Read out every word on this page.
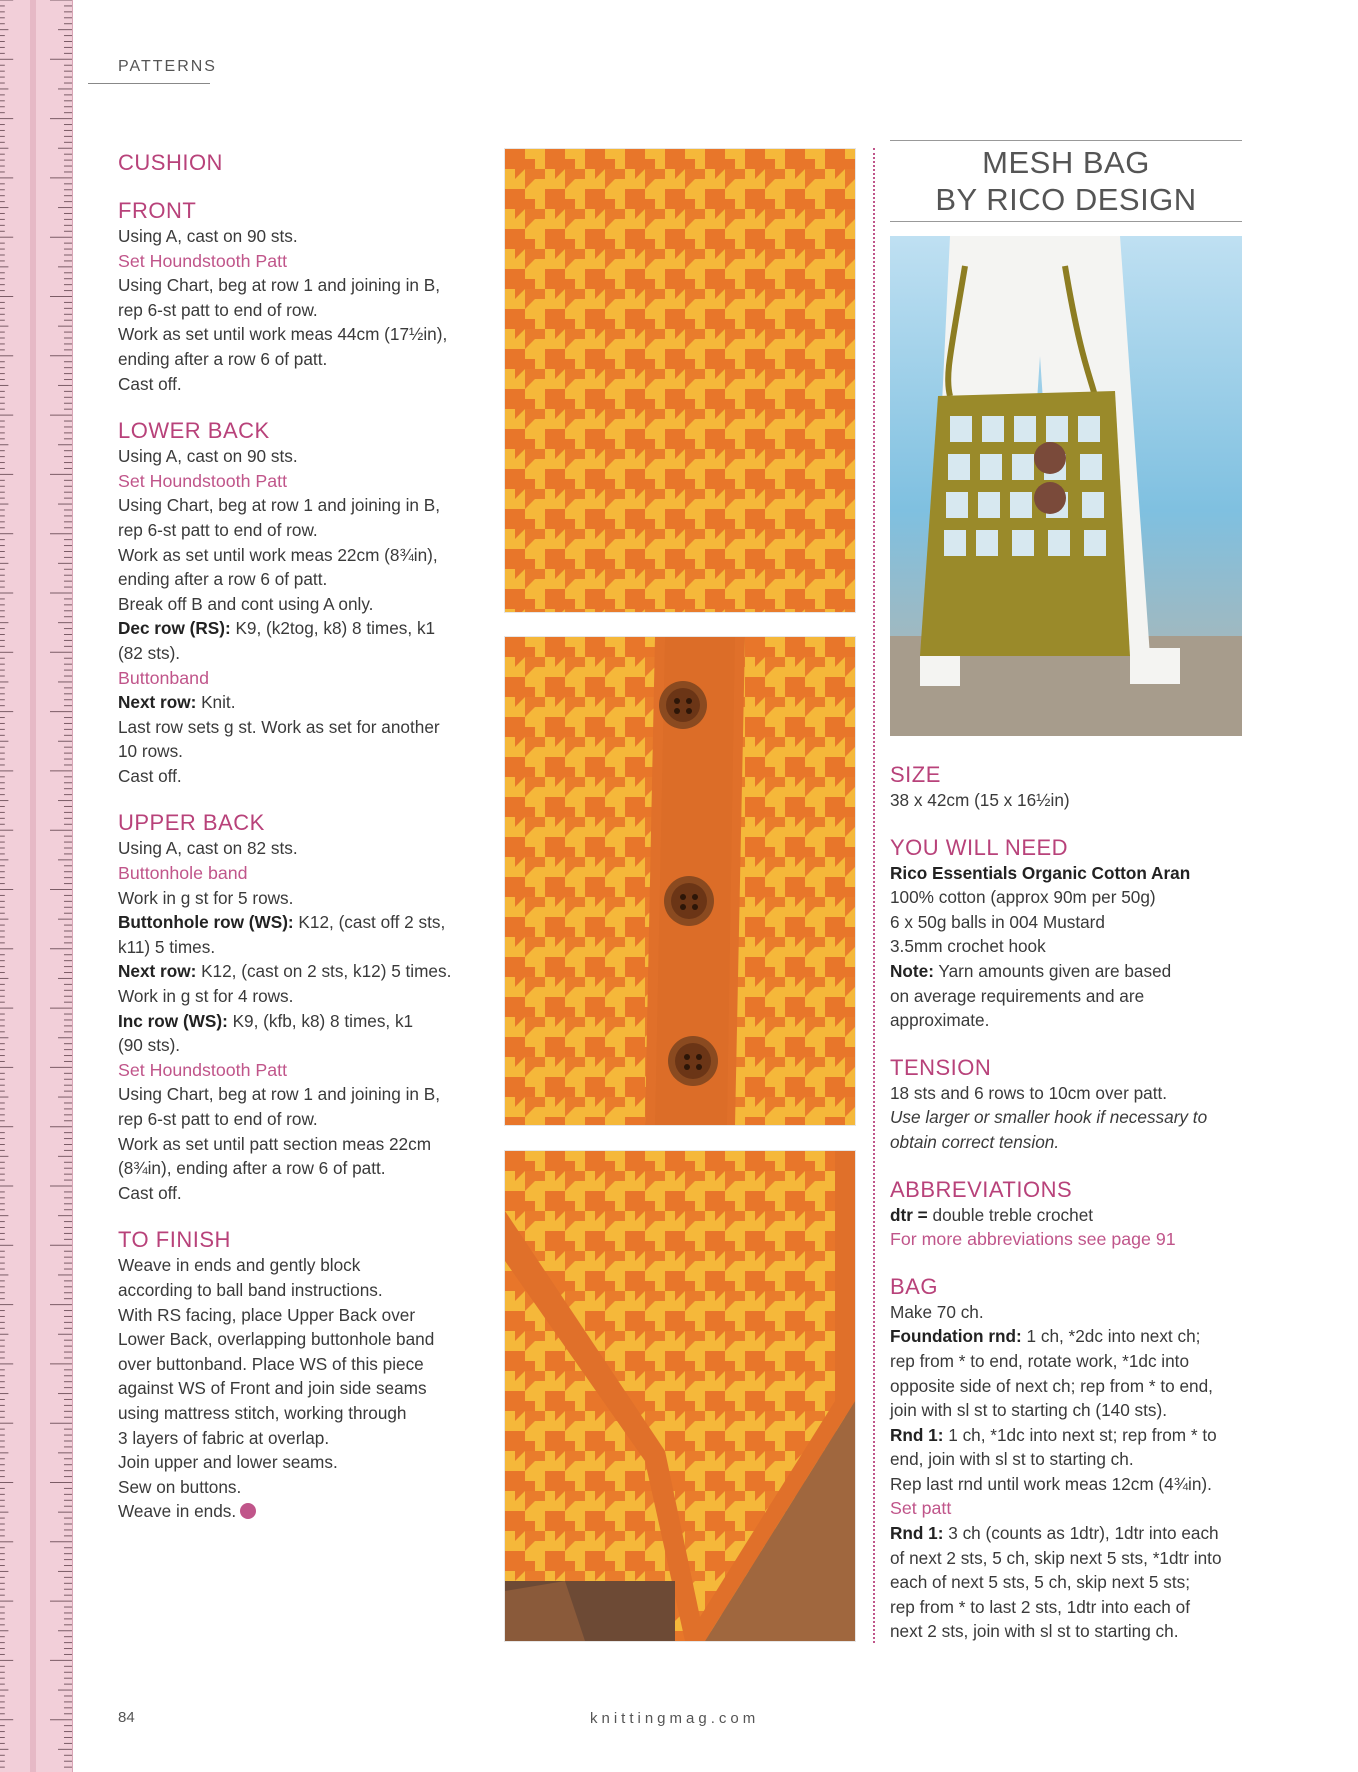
PATTERNS
CUSHION
FRONT

Using A, cast on 90 sts.

Set Houndstooth Patt

Using Chart, beg at row 1 and joining in B,

rep 6-st patt to end of row.

Work as set until work meas 44cm (17½in),

ending after a row 6 of patt.

Cast off.

LOWER BACK

Using A, cast on 90 sts.

Set Houndstooth Patt

Using Chart, beg at row 1 and joining in B,

rep 6-st patt to end of row.

Work as set until work meas 22cm (8¾in),

ending after a row 6 of patt.

Break off B and cont using A only.

Dec row (RS): K9, (k2tog, k8) 8 times, k1

(82 sts).

Buttonband

Next row: Knit.

Last row sets g st. Work as set for another

10 rows.

Cast off.

UPPER BACK

Using A, cast on 82 sts.

Buttonhole band

Work in g st for 5 rows.

Buttonhole row (WS): K12, (cast off 2 sts,

k11) 5 times.

Next row: K12, (cast on 2 sts, k12) 5 times.

Work in g st for 4 rows.

Inc row (WS): K9, (kfb, k8) 8 times, k1

(90 sts).

Set Houndstooth Patt

Using Chart, beg at row 1 and joining in B,

rep 6-st patt to end of row.

Work as set until patt section meas 22cm

(8¾in), ending after a row 6 of patt.

Cast off.

TO FINISH

Weave in ends and gently block

according to ball band instructions.

With RS facing, place Upper Back over

Lower Back, overlapping buttonhole band

over buttonband. Place WS of this piece

against WS of Front and join side seams

using mattress stitch, working through

3 layers of fabric at overlap.

Join upper and lower seams.

Sew on buttons.

Weave in ends.

MESH BAG
BY RICO DESIGN
SIZE

38 x 42cm (15 x 16½in)

YOU WILL NEED

Rico Essentials Organic Cotton Aran

100% cotton (approx 90m per 50g)

6 x 50g balls in 004 Mustard

3.5mm crochet hook

Note: Yarn amounts given are based

on average requirements and are

approximate.

TENSION

18 sts and 6 rows to 10cm over patt.

Use larger or smaller hook if necessary to

obtain correct tension.

ABBREVIATIONS

dtr = double treble crochet

For more abbreviations see page 91

BAG

Make 70 ch.

Foundation rnd: 1 ch, *2dc into next ch;

rep from * to end, rotate work, *1dc into

opposite side of next ch; rep from * to end,

join with sl st to starting ch (140 sts).

Rnd 1: 1 ch, *1dc into next st; rep from * to

end, join with sl st to starting ch.

Rep last rnd until work meas 12cm (4¾in).

Set patt

Rnd 1: 3 ch (counts as 1dtr), 1dtr into each

of next 2 sts, 5 ch, skip next 5 sts, *1dtr into

each of next 5 sts, 5 ch, skip next 5 sts;

rep from * to last 2 sts, 1dtr into each of

next 2 sts, join with sl st to starting ch.

84	knittingmag.com
